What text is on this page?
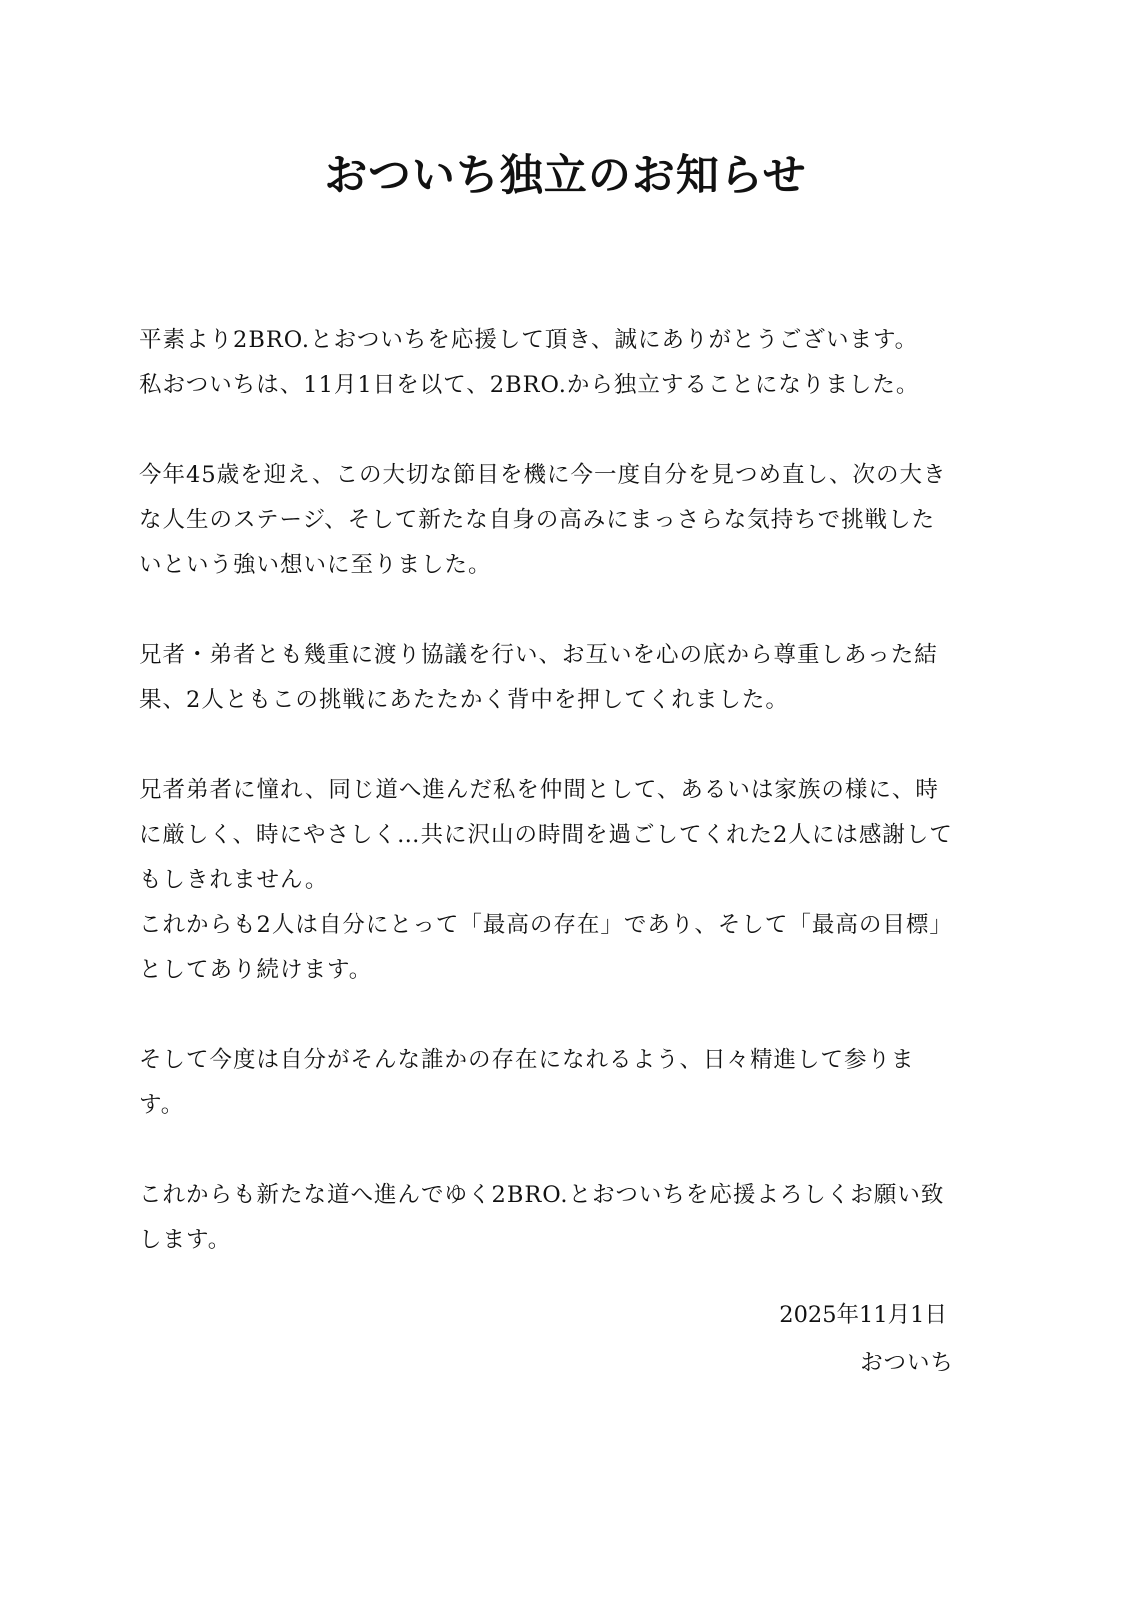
おついち独立のお知らせ

平素より2BRO.とおついちを応援して頂き、誠にありがとうございます。
私おついちは、11月1日を以て、2BRO.から独立することになりました。

今年45歳を迎え、この大切な節目を機に今一度自分を見つめ直し、次の大き
な人生のステージ、そして新たな自身の高みにまっさらな気持ちで挑戦した
いという強い想いに至りました。

兄者・弟者とも幾重に渡り協議を行い、お互いを心の底から尊重しあった結
果、2人ともこの挑戦にあたたかく背中を押してくれました。

兄者弟者に憧れ、同じ道へ進んだ私を仲間として、あるいは家族の様に、時
に厳しく、時にやさしく…共に沢山の時間を過ごしてくれた2人には感謝して
もしきれません。
これからも2人は自分にとって「最高の存在」であり、そして「最高の目標」
としてあり続けます。

そして今度は自分がそんな誰かの存在になれるよう、日々精進して参りま
す。

これからも新たな道へ進んでゆく2BRO.とおついちを応援よろしくお願い致
します。

2025年11月1日

おついち
